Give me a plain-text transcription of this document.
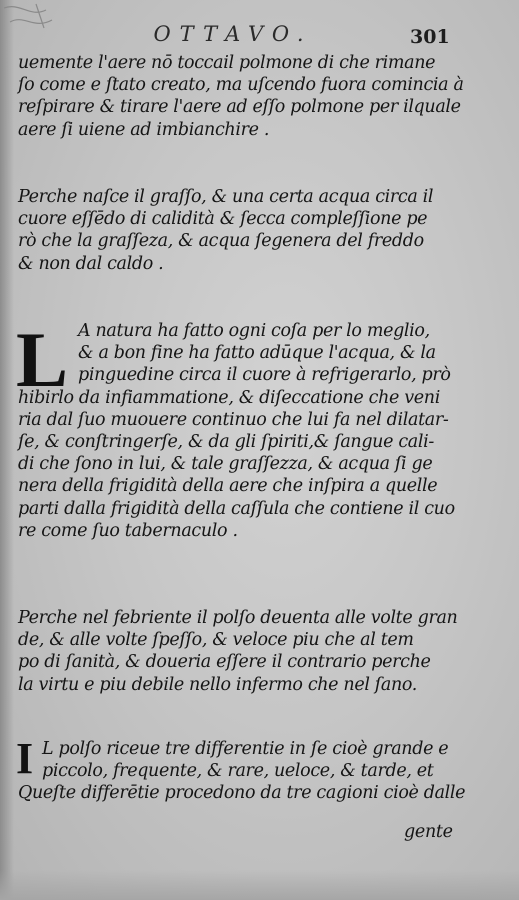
OTTAVO.	301
uemente l'aere nō toccail polmone di che rimane
ſo come e ſtato creato, ma uſcendo fuora comincia à
reſpirare & tirare l'aere ad eſſo polmone per ilquale
aere ſi uiene ad imbianchire .
Perche naſce il graſſo, & una certa acqua circa il
cuore eſſēdo di calidità & ſecca compleſſione pe
rò che la graſſeza, & acqua ſegenera del freddo
& non dal caldo .
L A natura ha fatto ogni coſa per lo meglio,
& a bon fine ha fatto adūque l'acqua, & la
pinguedine circa il cuore à refrigerarlo, prò
hibirlo da infiammatione, & diſeccatione che veni
ria dal ſuo muouere continuo che lui fa nel dilatar-
ſe, & conſtringerſe, & da gli ſpiriti,& ſangue cali-
di che ſono in lui, & tale graſſezza, & acqua ſi ge
nera della frigidità della aere che inſpira a quelle
parti dalla frigidità della caſſula che contiene il cuo
re come ſuo tabernaculo .
Perche nel febriente il polſo deuenta alle volte gran
de, & alle volte ſpeſſo, & veloce piu che al tem
po di ſanità, & doueria eſſere il contrario perche
la virtu e piu debile nello infermo che nel ſano.
I L polſo riceue tre differentie in ſe cioè grande e
piccolo, frequente, & rare, ueloce, & tarde, et
Queſte differētie procedono da tre cagioni cioè dalle
gente
